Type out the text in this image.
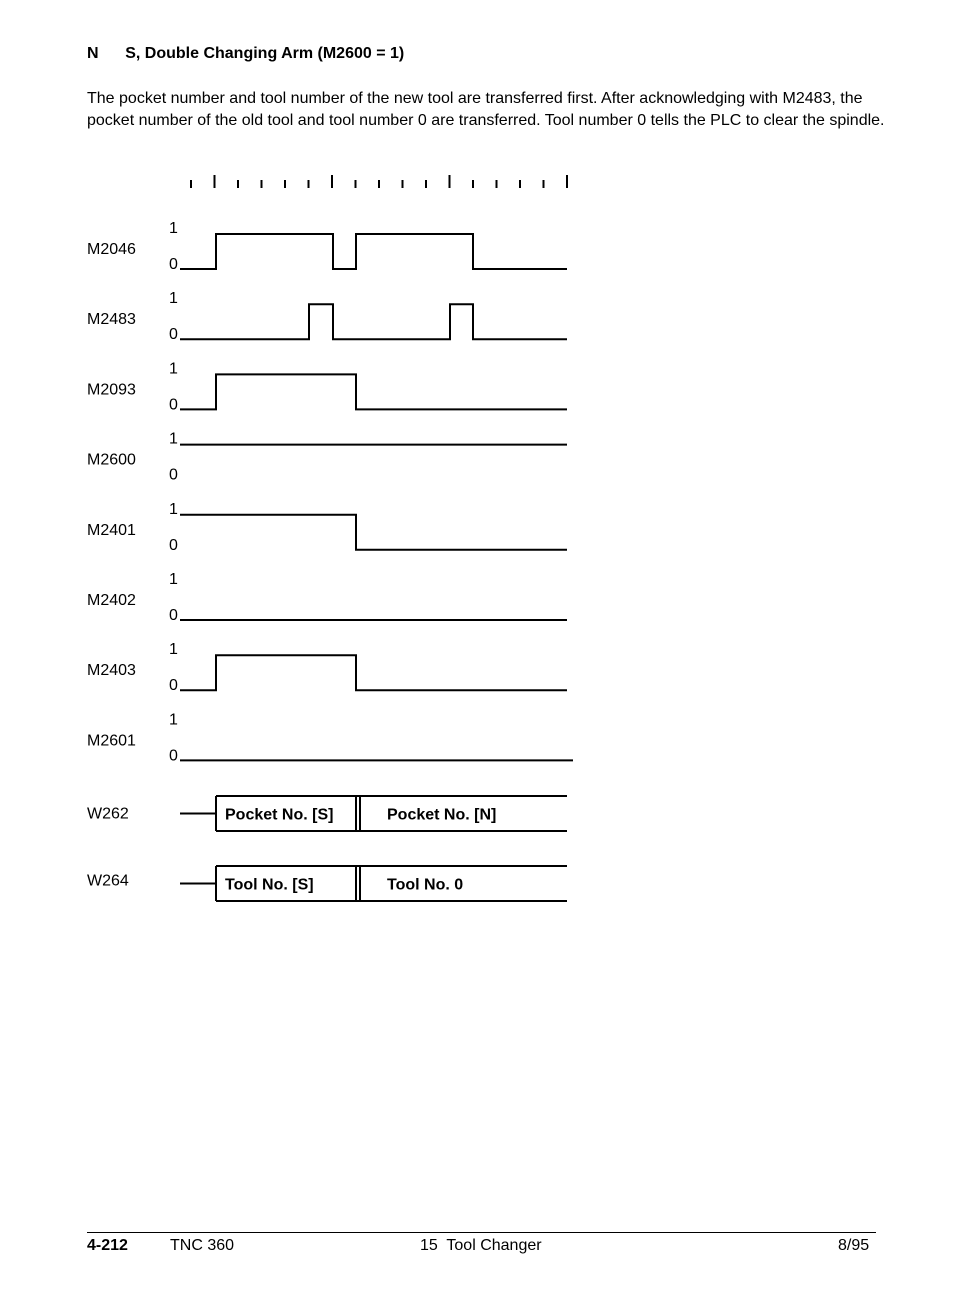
N      S, Double Changing Arm (M2600 = 1)
The pocket number and tool number of the new tool are transferred first. After acknowledging with M2483, the pocket number of the old tool and tool number 0 are transferred. Tool number 0 tells the PLC to clear the spindle.
M2046
1
0
M2483
1
0
M2093
1
0
M2600
1
0
M2401
1
0
M2402
1
0
M2403
1
0
M2601
1
0
W262	Pocket No. [S]	Pocket No. [N]
W264	Tool No. [S]	Tool No. 0
4-212	TNC 360	15  Tool Changer	8/95
